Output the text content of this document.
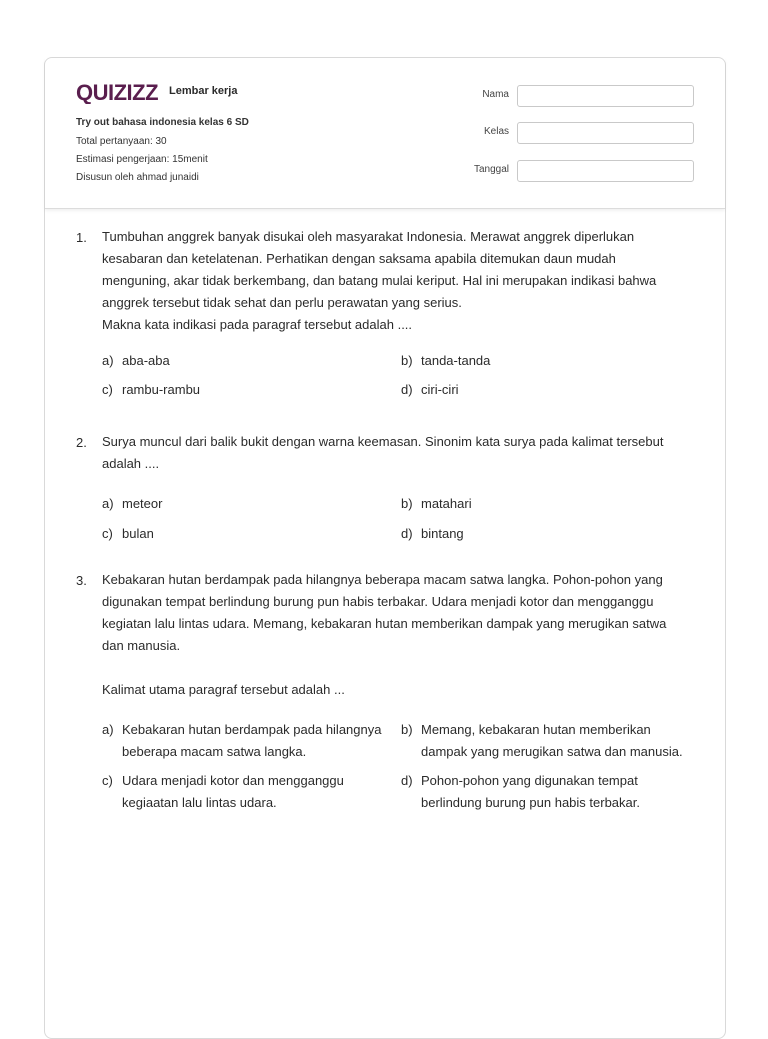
QUIZIZZ Lembar kerja
Try out bahasa indonesia kelas 6 SD
Total pertanyaan: 30
Estimasi pengerjaan: 15menit
Disusun oleh ahmad junaidi
Nama
Kelas
Tanggal
1. Tumbuhan anggrek banyak disukai oleh masyarakat Indonesia. Merawat anggrek diperlukan
kesabaran dan ketelatenan. Perhatikan dengan saksama apabila ditemukan daun mudah
menguning, akar tidak berkembang, dan batang mulai keriput. Hal ini merupakan indikasi bahwa
anggrek tersebut tidak sehat dan perlu perawatan yang serius.
Makna kata indikasi pada paragraf tersebut adalah ....
a) aba-aba	b) tanda-tanda
c) rambu-rambu	d) ciri-ciri
2. Surya muncul dari balik bukit dengan warna keemasan. Sinonim kata surya pada kalimat tersebut
adalah ....
a) meteor	b) matahari
c) bulan	d) bintang
3. Kebakaran hutan berdampak pada hilangnya beberapa macam satwa langka. Pohon-pohon yang
digunakan tempat berlindung burung pun habis terbakar. Udara menjadi kotor dan mengganggu
kegiatan lalu lintas udara. Memang, kebakaran hutan memberikan dampak yang merugikan satwa
dan manusia.
Kalimat utama paragraf tersebut adalah ...
a) Kebakaran hutan berdampak pada hilangnya
beberapa macam satwa langka.
b) Memang, kebakaran hutan memberikan
dampak yang merugikan satwa dan manusia.
c) Udara menjadi kotor dan mengganggu
kegiaatan lalu lintas udara.
d) Pohon-pohon yang digunakan tempat
berlindung burung pun habis terbakar.
